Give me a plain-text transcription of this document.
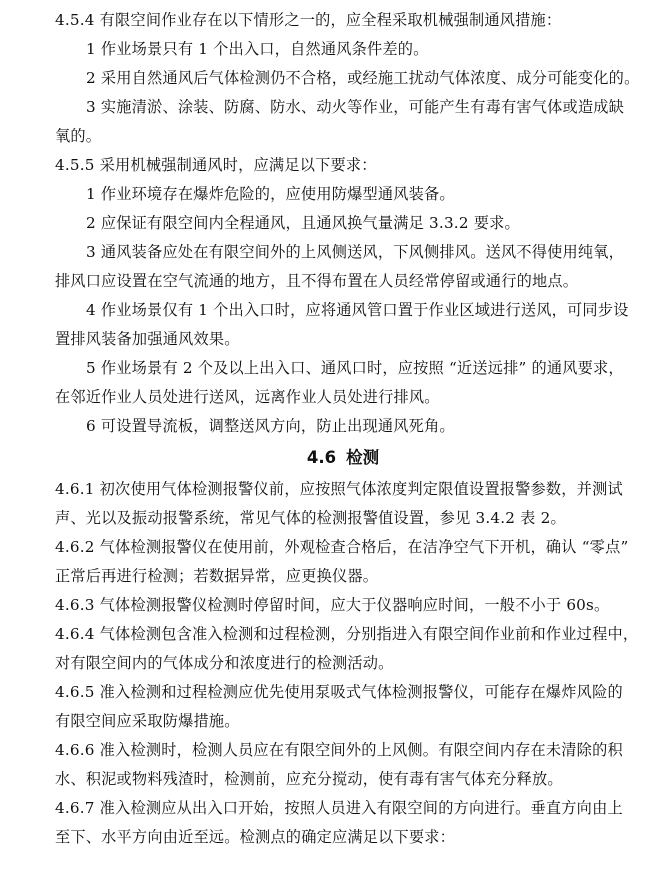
4.5.4 有限空间作业存在以下情形之一的，应全程采取机械强制通风措施：
1 作业场景只有 1 个出入口，自然通风条件差的。
2 采用自然通风后气体检测仍不合格，或经施工扰动气体浓度、成分可能变化的。
3 实施清淤、涂装、防腐、防水、动火等作业，可能产生有毒有害气体或造成缺
氧的。
4.5.5 采用机械强制通风时，应满足以下要求：
1 作业环境存在爆炸危险的，应使用防爆型通风装备。
2 应保证有限空间内全程通风，且通风换气量满足 3.3.2 要求。
3 通风装备应处在有限空间外的上风侧送风，下风侧排风。送风不得使用纯氧，
排风口应设置在空气流通的地方，且不得布置在人员经常停留或通行的地点。
4 作业场景仅有 1 个出入口时，应将通风管口置于作业区域进行送风，可同步设
置排风装备加强通风效果。
5 作业场景有 2 个及以上出入口、通风口时，应按照 “近送远排” 的通风要求，
在邻近作业人员处进行送风，远离作业人员处进行排风。
6 可设置导流板，调整送风方向，防止出现通风死角。
4.6 检测
4.6.1 初次使用气体检测报警仪前，应按照气体浓度判定限值设置报警参数，并测试
声、光以及振动报警系统，常见气体的检测报警值设置，参见 3.4.2 表 2。
4.6.2 气体检测报警仪在使用前，外观检查合格后，在洁净空气下开机，确认 “零点”
正常后再进行检测；若数据异常，应更换仪器。
4.6.3 气体检测报警仪检测时停留时间，应大于仪器响应时间，一般不小于 60s。
4.6.4 气体检测包含准入检测和过程检测，分别指进入有限空间作业前和作业过程中，
对有限空间内的气体成分和浓度进行的检测活动。
4.6.5 准入检测和过程检测应优先使用泵吸式气体检测报警仪，可能存在爆炸风险的
有限空间应采取防爆措施。
4.6.6 准入检测时，检测人员应在有限空间外的上风侧。有限空间内存在未清除的积
水、积泥或物料残渣时，检测前，应充分搅动，使有毒有害气体充分释放。
4.6.7 准入检测应从出入口开始，按照人员进入有限空间的方向进行。垂直方向由上
至下、水平方向由近至远。检测点的确定应满足以下要求：
